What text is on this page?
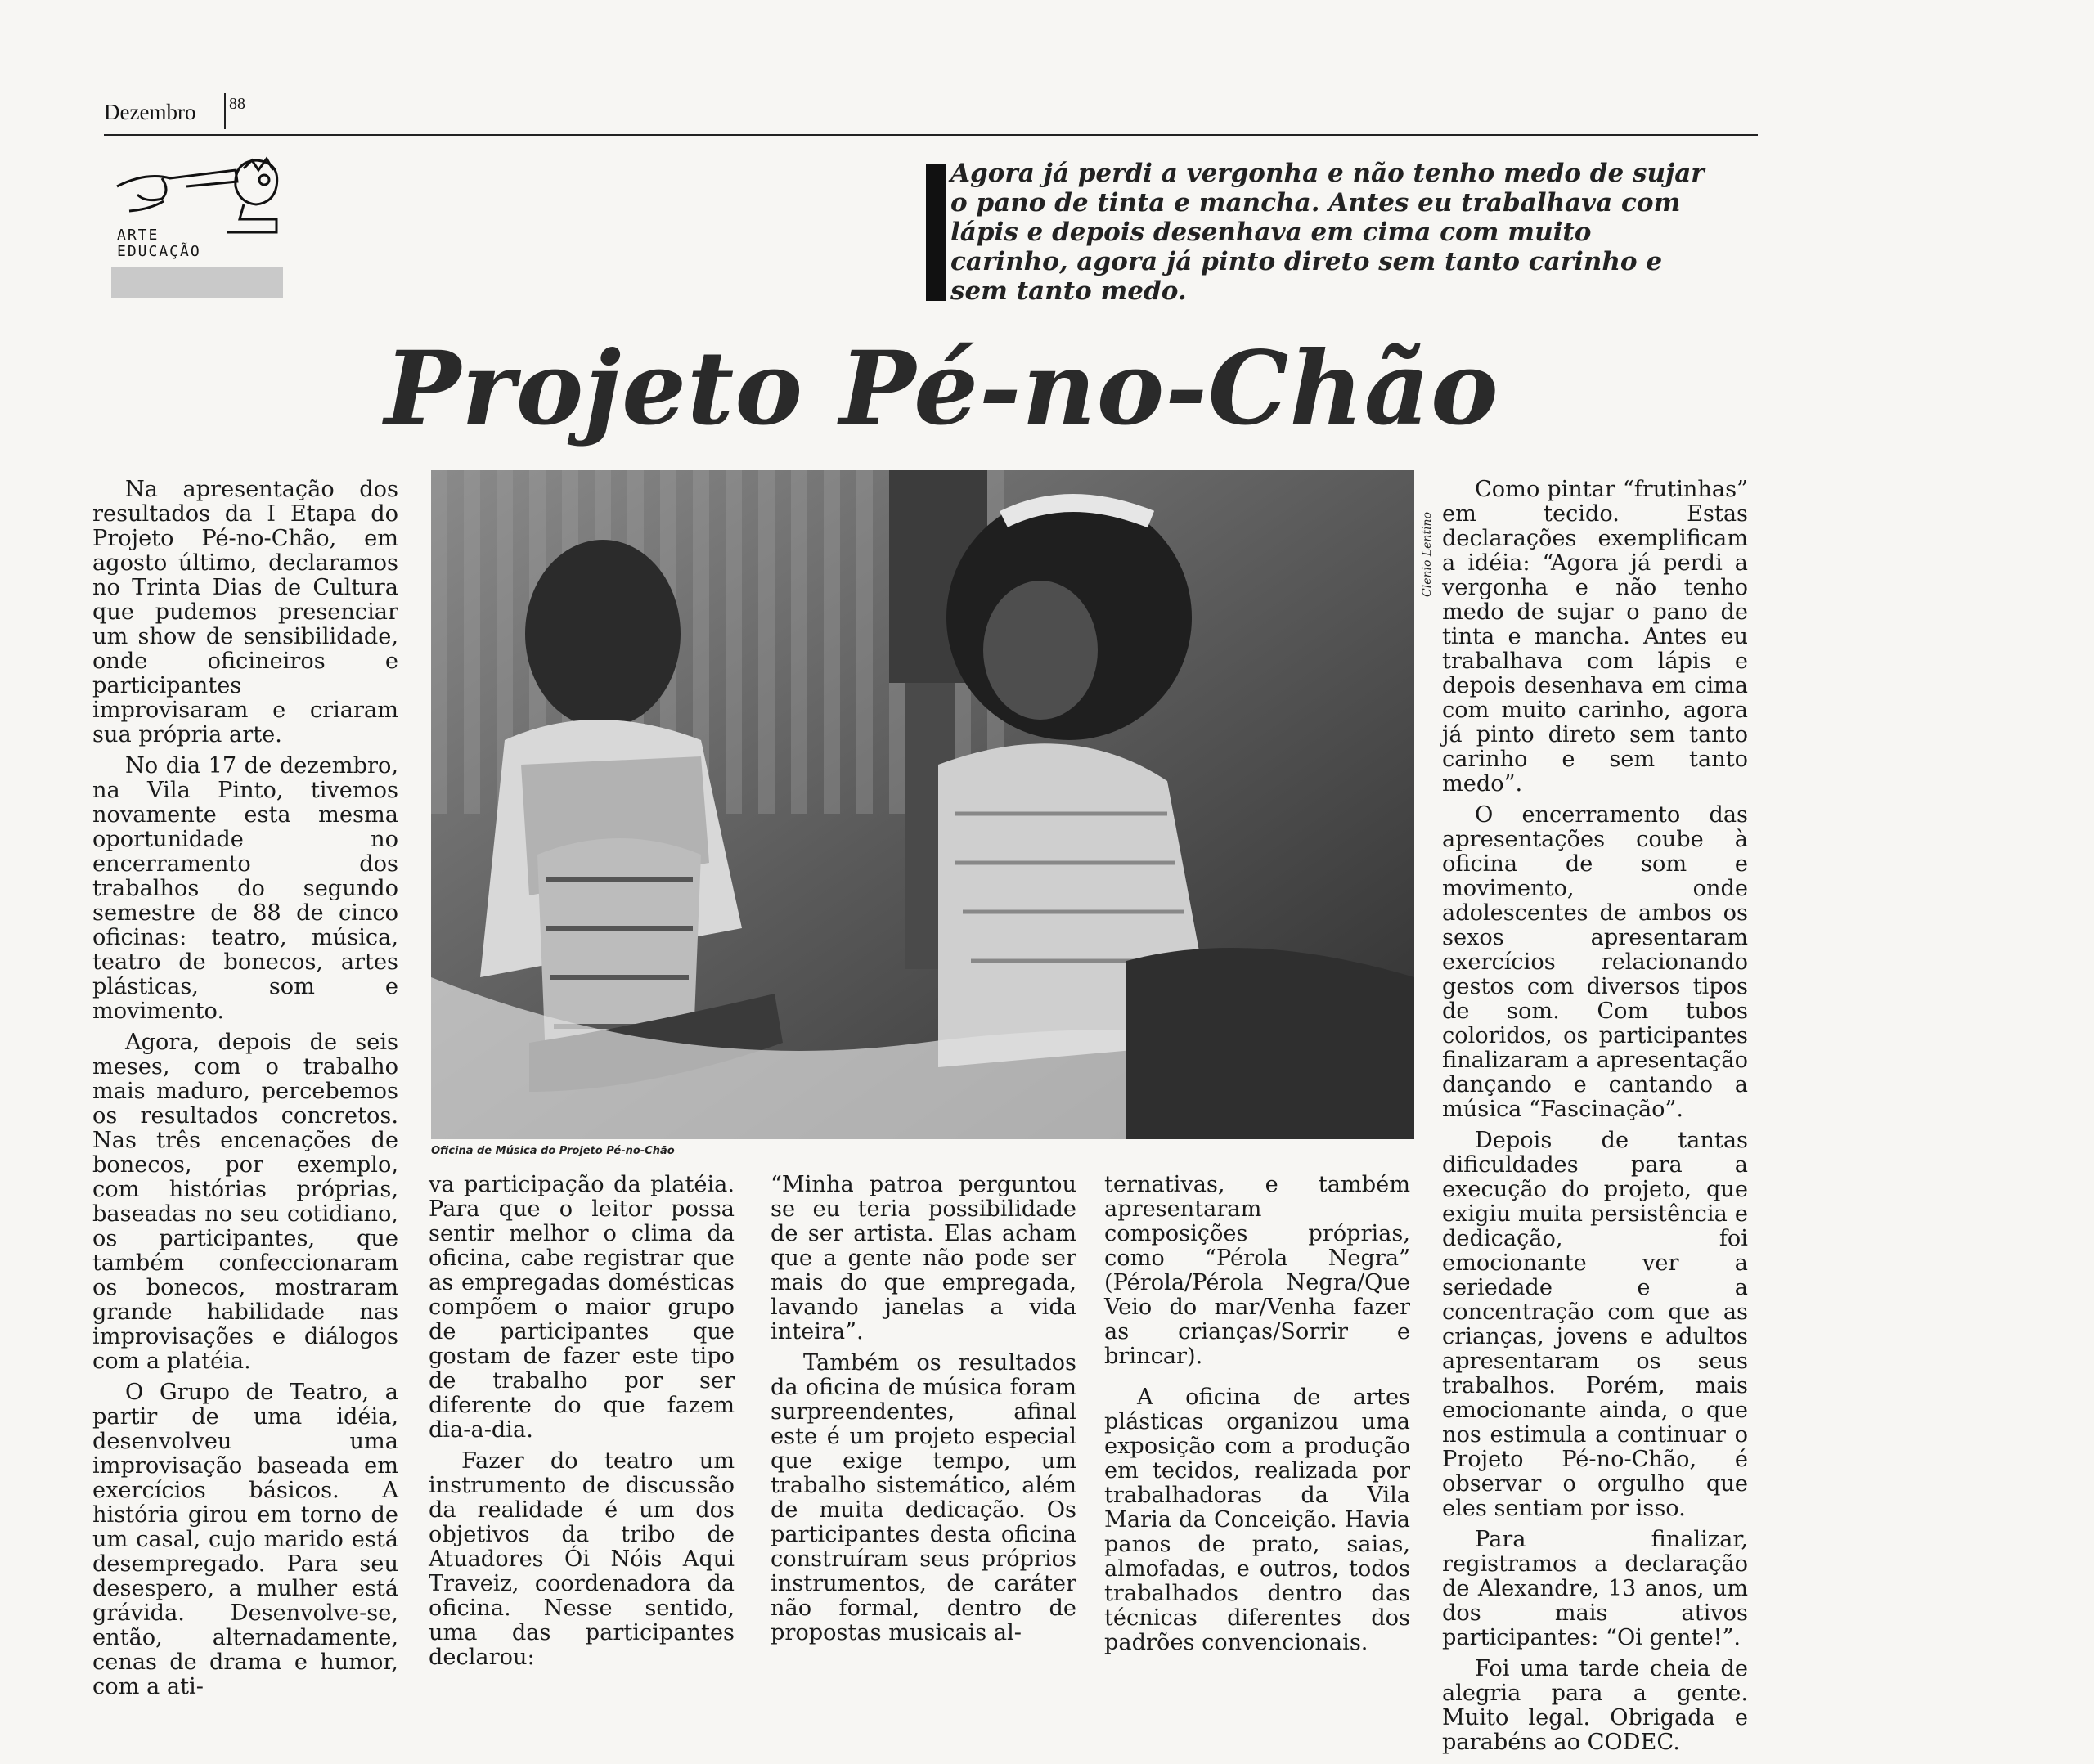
Dezembro 88
ARTE
EDUCAÇÃO
Agora já perdi a vergonha e não tenho medo de sujar o pano de tinta e mancha. Antes eu trabalhava com lápis e depois desenhava em cima com muito carinho, agora já pinto direto sem tanto carinho e sem tanto medo.
Projeto Pé-no-Chão

Na apresentação dos resultados da I Etapa do Projeto Pé-no-Chão, em agosto último, declaramos no Trinta Dias de Cultura que pudemos presenciar um show de sensibilidade, onde oficineiros e participantes improvisaram e criaram sua própria arte.

No dia 17 de dezembro, na Vila Pinto, tivemos novamente esta mesma oportunidade no encerramento dos trabalhos do segundo semestre de 88 de cinco oficinas: teatro, música, teatro de bonecos, artes plásticas, som e movimento.

Agora, depois de seis meses, com o trabalho mais maduro, percebemos os resultados concretos. Nas três encenações de bonecos, por exemplo, com histórias próprias, baseadas no seu cotidiano, os participantes, que também confeccionaram os bonecos, mostraram grande habilidade nas improvisações e diálogos com a platéia.

O Grupo de Teatro, a partir de uma idéia, desenvolveu uma improvisação baseada em exercícios básicos. A história girou em torno de um casal, cujo marido está desempregado. Para seu desespero, a mulher está grávida. Desenvolve-se, então, alternadamente, cenas de drama e humor, com a ati-

Oficina de Música do Projeto Pé-no-Chão
Clenio Lentino

va participação da platéia. Para que o leitor possa sentir melhor o clima da oficina, cabe registrar que as empregadas domésticas compõem o maior grupo de participantes que gostam de fazer este tipo de trabalho por ser diferente do que fazem dia-a-dia.

Fazer do teatro um instrumento de discussão da realidade é um dos objetivos da tribo de Atuadores Ói Nóis Aqui Traveiz, coordenadora da oficina. Nesse sentido, uma das participantes declarou:

“Minha patroa perguntou se eu teria possibilidade de ser artista. Elas acham que a gente não pode ser mais do que empregada, lavando janelas a vida inteira”.

Também os resultados da oficina de música foram surpreendentes, afinal este é um projeto especial que exige tempo, um trabalho sistemático, além de muita dedicação. Os participantes desta oficina construíram seus próprios instrumentos, de caráter não formal, dentro de propostas musicais al-

ternativas, e também apresentaram composições próprias, como “Pérola Negra” (Pérola/Pérola Negra/Que Veio do mar/Venha fazer as crianças/Sorrir e brincar).

A oficina de artes plásticas organizou uma exposição com a produção em tecidos, realizada por trabalhadoras da Vila Maria da Conceição. Havia panos de prato, saias, almofadas, e outros, todos trabalhados dentro das técnicas diferentes dos padrões convencionais.

Como pintar “frutinhas” em tecido. Estas declarações exemplificam a idéia: “Agora já perdi a vergonha e não tenho medo de sujar o pano de tinta e mancha. Antes eu trabalhava com lápis e depois desenhava em cima com muito carinho, agora já pinto direto sem tanto carinho e sem tanto medo”.

O encerramento das apresentações coube à oficina de som e movimento, onde adolescentes de ambos os sexos apresentaram exercícios relacionando gestos com diversos tipos de som. Com tubos coloridos, os participantes finalizaram a apresentação dançando e cantando a música “Fascinação”.

Depois de tantas dificuldades para a execução do projeto, que exigiu muita persistência e dedicação, foi emocionante ver a seriedade e a concentração com que as crianças, jovens e adultos apresentaram os seus trabalhos. Porém, mais emocionante ainda, o que nos estimula a continuar o Projeto Pé-no-Chão, é observar o orgulho que eles sentiam por isso.

Para finalizar, registramos a declaração de Alexandre, 13 anos, um dos mais ativos participantes: “Oi gente!”.

Foi uma tarde cheia de alegria para a gente. Muito legal. Obrigada e parabéns ao CODEC.
